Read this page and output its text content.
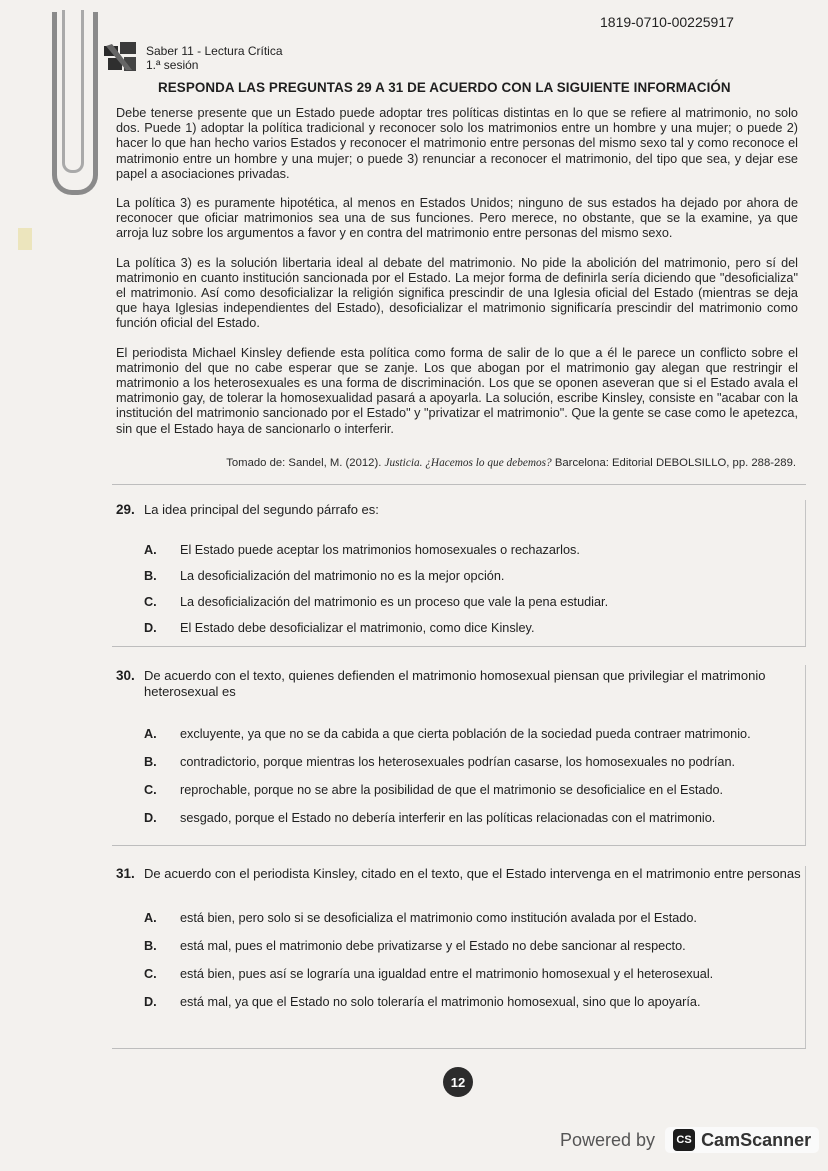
1819-0710-00225917
Saber 11 - Lectura Crítica
1.ª sesión
RESPONDA LAS PREGUNTAS 29 A 31 DE ACUERDO CON LA SIGUIENTE INFORMACIÓN

Debe tenerse presente que un Estado puede adoptar tres políticas distintas en lo que se refiere al matrimonio, no solo dos. Puede 1) adoptar la política tradicional y reconocer solo los matrimonios entre un hombre y una mujer; o puede 2) hacer lo que han hecho varios Estados y reconocer el matrimonio entre personas del mismo sexo tal y como reconoce el matrimonio entre un hombre y una mujer; o puede 3) renunciar a reconocer el matrimonio, del tipo que sea, y dejar ese papel a asociaciones privadas.

La política 3) es puramente hipotética, al menos en Estados Unidos; ninguno de sus estados ha dejado por ahora de reconocer que oficiar matrimonios sea una de sus funciones. Pero merece, no obstante, que se la examine, ya que arroja luz sobre los argumentos a favor y en contra del matrimonio entre personas del mismo sexo.

La política 3) es la solución libertaria ideal al debate del matrimonio. No pide la abolición del matrimonio, pero sí del matrimonio en cuanto institución sancionada por el Estado. La mejor forma de definirla sería diciendo que "desoficializa" el matrimonio. Así como desoficializar la religión significa prescindir de una Iglesia oficial del Estado (mientras se deja que haya Iglesias independientes del Estado), desoficializar el matrimonio significaría prescindir del matrimonio como función oficial del Estado.

El periodista Michael Kinsley defiende esta política como forma de salir de lo que a él le parece un conflicto sobre el matrimonio del que no cabe esperar que se zanje. Los que abogan por el matrimonio gay alegan que restringir el matrimonio a los heterosexuales es una forma de discriminación. Los que se oponen aseveran que si el Estado avala el matrimonio gay, de tolerar la homosexualidad pasará a apoyarla. La solución, escribe Kinsley, consiste en "acabar con la institución del matrimonio sancionado por el Estado" y "privatizar el matrimonio". Que la gente se case como le apetezca, sin que el Estado haya de sancionarlo o interferir.

Tomado de: Sandel, M. (2012). Justicia. ¿Hacemos lo que debemos? Barcelona: Editorial DEBOLSILLO, pp. 288-289.
29. La idea principal del segundo párrafo es:
A.	El Estado puede aceptar los matrimonios homosexuales o rechazarlos.
B.	La desoficialización del matrimonio no es la mejor opción.
C.	La desoficialización del matrimonio es un proceso que vale la pena estudiar.
D.	El Estado debe desoficializar el matrimonio, como dice Kinsley.
30. De acuerdo con el texto, quienes defienden el matrimonio homosexual piensan que privilegiar el matrimonio heterosexual es
A.	excluyente, ya que no se da cabida a que cierta población de la sociedad pueda contraer matrimonio.
B.	contradictorio, porque mientras los heterosexuales podrían casarse, los homosexuales no podrían.
C.	reprochable, porque no se abre la posibilidad de que el matrimonio se desoficialice en el Estado.
D.	sesgado, porque el Estado no debería interferir en las políticas relacionadas con el matrimonio.
31. De acuerdo con el periodista Kinsley, citado en el texto, que el Estado intervenga en el matrimonio entre personas
A.	está bien, pero solo si se desoficializa el matrimonio como institución avalada por el Estado.
B.	está mal, pues el matrimonio debe privatizarse y el Estado no debe sancionar al respecto.
C.	está bien, pues así se lograría una igualdad entre el matrimonio homosexual y el heterosexual.
D.	está mal, ya que el Estado no solo toleraría el matrimonio homosexual, sino que lo apoyaría.
12
Powered by	CS CamScanner
